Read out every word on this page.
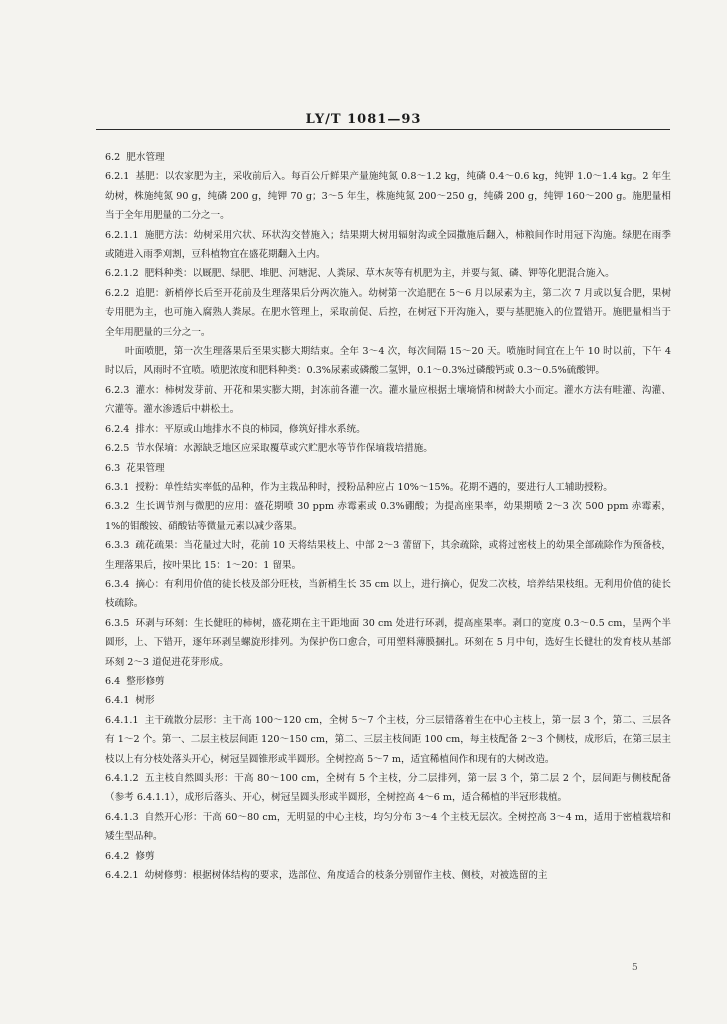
LY/T 1081—93

6.2 肥水管理

6.2.1 基肥：以农家肥为主，采收前后入。每百公斤鲜果产量施纯氮 0.8～1.2 kg，纯磷 0.4～0.6 kg，纯钾 1.0～1.4 kg。2 年生幼树，株施纯氮 90 g，纯磷 200 g，纯钾 70 g；3～5 年生，株施纯氮 200～250 g，纯磷 200 g，纯钾 160～200 g。施肥量相当于全年用肥量的二分之一。

6.2.1.1 施肥方法：幼树采用穴状、环状沟交替施入；结果期大树用辐射沟或全园撒施后翻入，柿粮间作时用冠下沟施。绿肥在雨季或随进入雨季刈割，豆科植物宜在盛花期翻入土内。

6.2.1.2 肥料种类：以厩肥、绿肥、堆肥、河塘泥、人粪尿、草木灰等有机肥为主，并要与氮、磷、钾等化肥混合施入。

6.2.2 追肥：新梢停长后至开花前及生理落果后分两次施入。幼树第一次追肥在 5～6 月以尿素为主，第二次 7 月或以复合肥，果树专用肥为主，也可施入腐熟人粪尿。在肥水管理上，采取前促、后控，在树冠下开沟施入，要与基肥施入的位置错开。施肥量相当于全年用肥量的三分之一。

叶面喷肥，第一次生理落果后至果实膨大期结束。全年 3～4 次，每次间隔 15～20 天。喷施时间宜在上午 10 时以前，下午 4 时以后，风雨时不宜喷。喷肥浓度和肥料种类：0.3%尿素或磷酸二氢钾，0.1～0.3%过磷酸钙或 0.3～0.5%硫酸钾。

6.2.3 灌水：柿树发芽前、开花和果实膨大期，封冻前各灌一次。灌水量应根据土壤墒情和树龄大小而定。灌水方法有畦灌、沟灌、穴灌等。灌水渗透后中耕松土。

6.2.4 排水：平原或山地排水不良的柿园，修筑好排水系统。

6.2.5 节水保墒：水源缺乏地区应采取覆草或穴贮肥水等节作保墒栽培措施。

6.3 花果管理

6.3.1 授粉：单性结实率低的品种，作为主栽品种时，授粉品种应占 10%～15%。花期不遇的，要进行人工辅助授粉。

6.3.2 生长调节剂与微肥的应用：盛花期喷 30 ppm 赤霉素或 0.3%硼酸；为提高座果率，幼果期喷 2～3 次 500 ppm 赤霉素，1%的钼酸铵、硝酸钴等微量元素以减少落果。

6.3.3 疏花疏果：当花量过大时，花前 10 天将结果枝上、中部 2～3 蕾留下，其余疏除，或将过密枝上的幼果全部疏除作为预备枝，生理落果后，按叶果比 15：1～20：1 留果。

6.3.4 摘心：有利用价值的徒长枝及部分旺枝，当新梢生长 35 cm 以上，进行摘心，促发二次枝，培养结果枝组。无利用价值的徒长枝疏除。

6.3.5 环剥与环刻：生长健旺的柿树，盛花期在主干距地面 30 cm 处进行环剥，提高座果率。剥口的宽度 0.3～0.5 cm，呈两个半圆形，上、下错开，逐年环剥呈螺旋形排列。为保护伤口愈合，可用塑料薄膜捆扎。环刻在 5 月中旬，选好生长健壮的发育枝从基部环刻 2～3 道促进花芽形成。

6.4 整形修剪

6.4.1 树形

6.4.1.1 主干疏散分层形：主干高 100～120 cm，全树 5～7 个主枝，分三层错落着生在中心主枝上，第一层 3 个，第二、三层各有 1～2 个。第一、二层主枝层间距 120～150 cm，第二、三层主枝间距 100 cm，每主枝配备 2～3 个侧枝，成形后，在第三层主枝以上有分枝处落头开心，树冠呈圆锥形或半圆形。全树控高 5～7 m，适宜稀植间作和现有的大树改造。

6.4.1.2 五主枝自然圆头形：干高 80～100 cm，全树有 5 个主枝，分二层排列，第一层 3 个，第二层 2 个，层间距与侧枝配备（参考 6.4.1.1），成形后落头、开心，树冠呈圆头形或半圆形，全树控高 4～6 m，适合稀植的半冠形栽植。

6.4.1.3 自然开心形：干高 60～80 cm，无明显的中心主枝，均匀分布 3～4 个主枝无层次。全树控高 3～4 m，适用于密植栽培和矮生型品种。

6.4.2 修剪

6.4.2.1 幼树修剪：根据树体结构的要求，选部位、角度适合的枝条分别留作主枝、侧枝，对被选留的主

5
